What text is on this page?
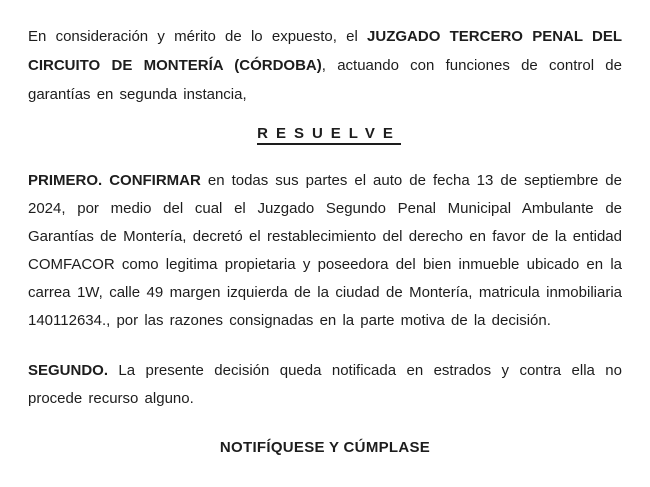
En consideración y mérito de lo expuesto, el JUZGADO TERCERO PENAL DEL CIRCUITO DE MONTERÍA (CÓRDOBA), actuando con funciones de control de garantías en segunda instancia,

RESUELVE

PRIMERO. CONFIRMAR en todas sus partes el auto de fecha 13 de septiembre de 2024, por medio del cual el Juzgado Segundo Penal Municipal Ambulante de Garantías de Montería, decretó el restablecimiento del derecho en favor de la entidad COMFACOR como legitima propietaria y poseedora del bien inmueble ubicado en la carrea 1W, calle 49 margen izquierda de la ciudad de Montería, matricula inmobiliaria 140112634., por las razones consignadas en la parte motiva de la decisión.

SEGUNDO. La presente decisión queda notificada en estrados y contra ella no procede recurso alguno.

NOTIFÍQUESE Y CÚMPLASE
